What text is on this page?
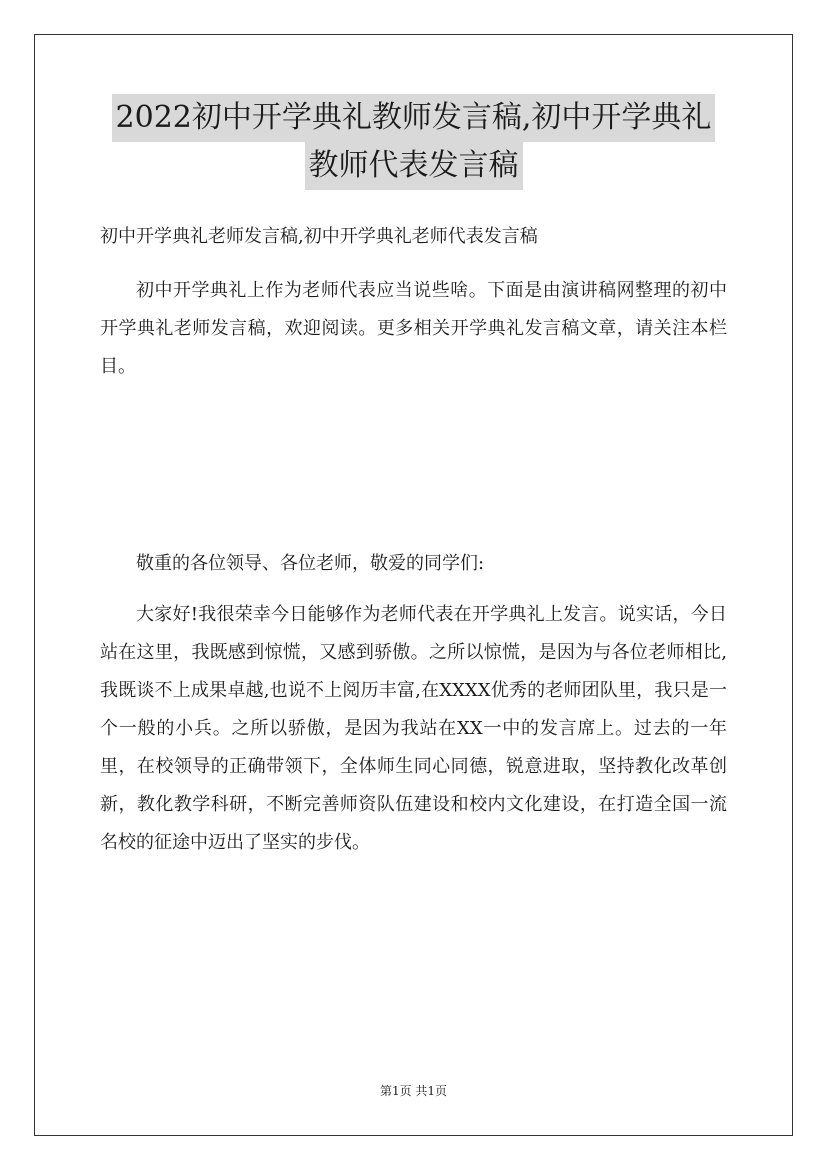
2022初中开学典礼教师发言稿,初中开学典礼
教师代表发言稿

初中开学典礼老师发言稿,初中开学典礼老师代表发言稿

初中开学典礼上作为老师代表应当说些啥。下面是由演讲稿网整理的初中开学典礼老师发言稿，欢迎阅读。更多相关开学典礼发言稿文章，请关注本栏目。

敬重的各位领导、各位老师，敬爱的同学们:

大家好!我很荣幸今日能够作为老师代表在开学典礼上发言。说实话，今日站在这里，我既感到惊慌，又感到骄傲。之所以惊慌，是因为与各位老师相比,我既谈不上成果卓越,也说不上阅历丰富,在XXXX优秀的老师团队里，我只是一个一般的小兵。之所以骄傲，是因为我站在XX一中的发言席上。过去的一年里，在校领导的正确带领下，全体师生同心同德，锐意进取，坚持教化改革创新，教化教学科研，不断完善师资队伍建设和校内文化建设，在打造全国一流名校的征途中迈出了坚实的步伐。

第1页 共1页
